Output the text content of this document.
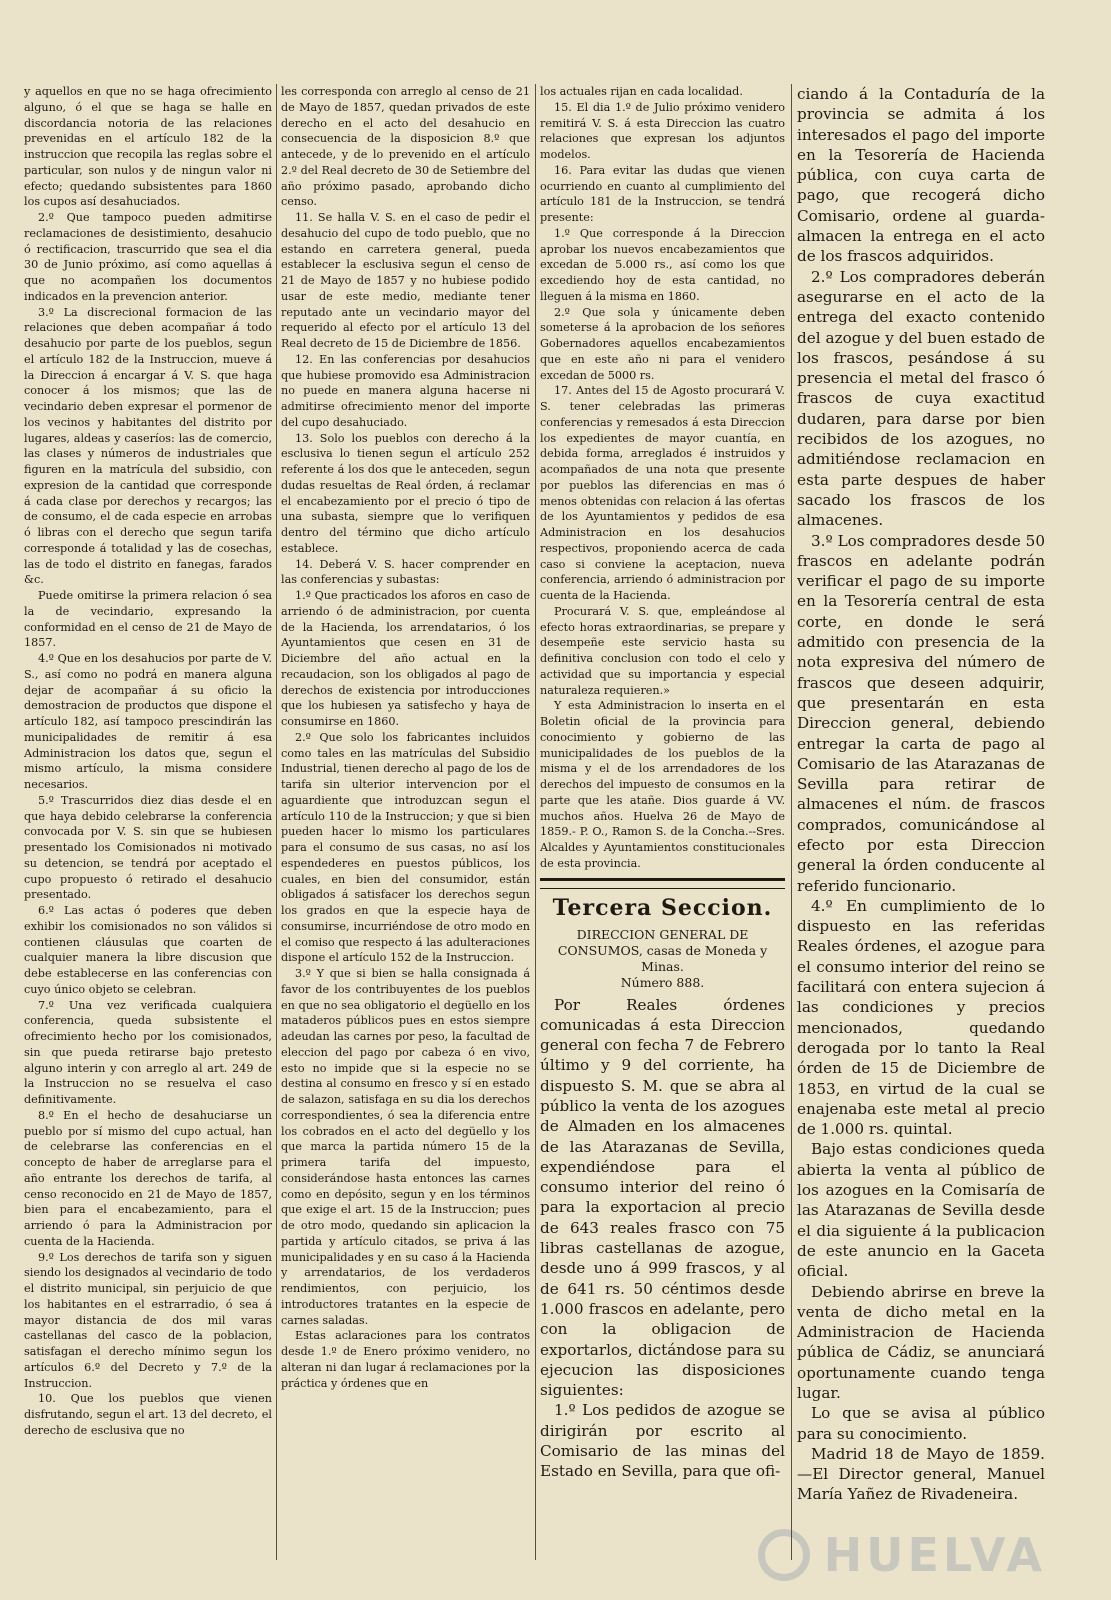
y aquellos en que no se haga ofrecimiento alguno, ó el que se haga se halle en discordancia notoria de las relaciones prevenidas en el artículo 182 de la instruccion que recopila las reglas sobre el particular, son nulos y de ningun valor ni efecto; quedando subsistentes para 1860 los cupos así desahuciados.

2.º Que tampoco pueden admitirse reclamaciones de desistimiento, desahucio ó rectificacion, trascurrido que sea el dia 30 de Junio próximo, así como aquellas á que no acompañen los documentos indicados en la prevencion anterior.

3.º La discrecional formacion de las relaciones que deben acompañar á todo desahucio por parte de los pueblos, segun el artículo 182 de la Instruccion, mueve á la Direccion á encargar á V. S. que haga conocer á los mismos; que las de vecindario deben expresar el pormenor de los vecinos y habitantes del distrito por lugares, aldeas y caseríos: las de comercio, las clases y números de industriales que figuren en la matrícula del subsidio, con expresion de la cantidad que corresponde á cada clase por derechos y recargos; las de consumo, el de cada especie en arrobas ó libras con el derecho que segun tarifa corresponde á totalidad y las de cosechas, las de todo el distrito en fanegas, farados &c.

Puede omitirse la primera relacion ó sea la de vecindario, expresando la conformidad en el censo de 21 de Mayo de 1857.

4.º Que en los desahucios por parte de V. S., así como no podrá en manera alguna dejar de acompañar á su oficio la demostracion de productos que dispone el artículo 182, así tampoco prescindirán las municipalidades de remitir á esa Administracion los datos que, segun el mismo artículo, la misma considere necesarios.

5.º Trascurridos diez dias desde el en que haya debido celebrarse la conferencia convocada por V. S. sin que se hubiesen presentado los Comisionados ni motivado su detencion, se tendrá por aceptado el cupo propuesto ó retirado el desahucio presentado.

6.º Las actas ó poderes que deben exhibir los comisionados no son válidos si contienen cláusulas que coarten de cualquier manera la libre discusion que debe establecerse en las conferencias con cuyo único objeto se celebran.

7.º Una vez verificada cualquiera conferencia, queda subsistente el ofrecimiento hecho por los comisionados, sin que pueda retirarse bajo pretesto alguno interin y con arreglo al art. 249 de la Instruccion no se resuelva el caso definitivamente.

8.º En el hecho de desahuciarse un pueblo por sí mismo del cupo actual, han de celebrarse las conferencias en el concepto de haber de arreglarse para el año entrante los derechos de tarifa, al censo reconocido en 21 de Mayo de 1857, bien para el encabezamiento, para el arriendo ó para la Administracion por cuenta de la Hacienda.

9.º Los derechos de tarifa son y siguen siendo los designados al vecindario de todo el distrito municipal, sin perjuicio de que los habitantes en el estrarradio, ó sea á mayor distancia de dos mil varas castellanas del casco de la poblacion, satisfagan el derecho mínimo segun los artículos 6.º del Decreto y 7.º de la Instruccion.

10. Que los pueblos que vienen disfrutando, segun el art. 13 del decreto, el derecho de esclusiva que no

les corresponda con arreglo al censo de 21 de Mayo de 1857, quedan privados de este derecho en el acto del desahucio en consecuencia de la disposicion 8.º que antecede, y de lo prevenido en el artículo 2.º del Real decreto de 30 de Setiembre del año próximo pasado, aprobando dicho censo.

11. Se halla V. S. en el caso de pedir el desahucio del cupo de todo pueblo, que no estando en carretera general, pueda establecer la esclusiva segun el censo de 21 de Mayo de 1857 y no hubiese podido usar de este medio, mediante tener reputado ante un vecindario mayor del requerido al efecto por el artículo 13 del Real decreto de 15 de Diciembre de 1856.

12. En las conferencias por desahucios que hubiese promovido esa Administracion no puede en manera alguna hacerse ni admitirse ofrecimiento menor del importe del cupo desahuciado.

13. Solo los pueblos con derecho á la esclusiva lo tienen segun el artículo 252 referente á los dos que le anteceden, segun dudas resueltas de Real órden, á reclamar el encabezamiento por el precio ó tipo de una subasta, siempre que lo verifiquen dentro del término que dicho artículo establece.

14. Deberá V. S. hacer comprender en las conferencias y subastas:

1.º Que practicados los aforos en caso de arriendo ó de administracion, por cuenta de la Hacienda, los arrendatarios, ó los Ayuntamientos que cesen en 31 de Diciembre del año actual en la recaudacion, son los obligados al pago de derechos de existencia por introducciones que los hubiesen ya satisfecho y haya de consumirse en 1860.

2.º Que solo los fabricantes incluidos como tales en las matrículas del Subsidio Industrial, tienen derecho al pago de los de tarifa sin ulterior intervencion por el aguardiente que introduzcan segun el artículo 110 de la Instruccion; y que si bien pueden hacer lo mismo los particulares para el consumo de sus casas, no así los espendederes en puestos públicos, los cuales, en bien del consumidor, están obligados á satisfacer los derechos segun los grados en que la especie haya de consumirse, incurriéndose de otro modo en el comiso que respecto á las adulteraciones dispone el artículo 152 de la Instruccion.

3.º Y que si bien se halla consignada á favor de los contribuyentes de los pueblos en que no sea obligatorio el degüello en los mataderos públicos pues en estos siempre adeudan las carnes por peso, la facultad de eleccion del pago por cabeza ó en vivo, esto no impide que si la especie no se destina al consumo en fresco y sí en estado de salazon, satisfaga en su dia los derechos correspondientes, ó sea la diferencia entre los cobrados en el acto del degüello y los que marca la partida número 15 de la primera tarifa del impuesto, considerándose hasta entonces las carnes como en depósito, segun y en los términos que exige el art. 15 de la Instruccion; pues de otro modo, quedando sin aplicacion la partida y artículo citados, se priva á las municipalidades y en su caso á la Hacienda y arrendatarios, de los verdaderos rendimientos, con perjuicio, los introductores tratantes en la especie de carnes saladas.

Estas aclaraciones para los contratos desde 1.º de Enero próximo venidero, no alteran ni dan lugar á reclamaciones por la práctica y órdenes que en

los actuales rijan en cada localidad.

15. El dia 1.º de Julio próximo venidero remitirá V. S. á esta Direccion las cuatro relaciones que expresan los adjuntos modelos.

16. Para evitar las dudas que vienen ocurriendo en cuanto al cumplimiento del artículo 181 de la Instruccion, se tendrá presente:

1.º Que corresponde á la Direccion aprobar los nuevos encabezamientos que excedan de 5.000 rs., así como los que excediendo hoy de esta cantidad, no lleguen á la misma en 1860.

2.º Que sola y únicamente deben someterse á la aprobacion de los señores Gobernadores aquellos encabezamientos que en este año ni para el venidero excedan de 5000 rs.

17. Antes del 15 de Agosto procurará V. S. tener celebradas las primeras conferencias y remesados á esta Direccion los expedientes de mayor cuantía, en debida forma, arreglados é instruidos y acompañados de una nota que presente por pueblos las diferencias en mas ó menos obtenidas con relacion á las ofertas de los Ayuntamientos y pedidos de esa Administracion en los desahucios respectivos, proponiendo acerca de cada caso si conviene la aceptacion, nueva conferencia, arriendo ó administracion por cuenta de la Hacienda.

Procurará V. S. que, empleándose al efecto horas extraordinarias, se prepare y desempeñe este servicio hasta su definitiva conclusion con todo el celo y actividad que su importancia y especial naturaleza requieren.»

Y esta Administracion lo inserta en el Boletin oficial de la provincia para conocimiento y gobierno de las municipalidades de los pueblos de la misma y el de los arrendadores de los derechos del impuesto de consumos en la parte que les atañe. Dios guarde á VV. muchos años. Huelva 26 de Mayo de 1859.- P. O., Ramon S. de la Concha.--Sres. Alcaldes y Ayuntamientos constitucionales de esta provincia.

Tercera Seccion.

DIRECCION GENERAL DE CONSUMOS, casas de Moneda y Minas.

Número 888.

Por Reales órdenes comunicadas á esta Direccion general con fecha 7 de Febrero último y 9 del corriente, ha dispuesto S. M. que se abra al público la venta de los azogues de Almaden en los almacenes de las Atarazanas de Sevilla, expendiéndose para el consumo interior del reino ó para la exportacion al precio de 643 reales frasco con 75 libras castellanas de azogue, desde uno á 999 frascos, y al de 641 rs. 50 céntimos desde 1.000 frascos en adelante, pero con la obligacion de exportarlos, dictándose para su ejecucion las disposiciones siguientes:

1.º Los pedidos de azogue se dirigirán por escrito al Comisario de las minas del Estado en Sevilla, para que ofi-

ciando á la Contaduría de la provincia se admita á los interesados el pago del importe en la Tesorería de Hacienda pública, con cuya carta de pago, que recogerá dicho Comisario, ordene al guarda-almacen la entrega en el acto de los frascos adquiridos.

2.º Los compradores deberán asegurarse en el acto de la entrega del exacto contenido del azogue y del buen estado de los frascos, pesándose á su presencia el metal del frasco ó frascos de cuya exactitud dudaren, para darse por bien recibidos de los azogues, no admitiéndose reclamacion en esta parte despues de haber sacado los frascos de los almacenes.

3.º Los compradores desde 50 frascos en adelante podrán verificar el pago de su importe en la Tesorería central de esta corte, en donde le será admitido con presencia de la nota expresiva del número de frascos que deseen adquirir, que presentarán en esta Direccion general, debiendo entregar la carta de pago al Comisario de las Atarazanas de Sevilla para retirar de almacenes el núm. de frascos comprados, comunicándose al efecto por esta Direccion general la órden conducente al referido funcionario.

4.º En cumplimiento de lo dispuesto en las referidas Reales órdenes, el azogue para el consumo interior del reino se facilitará con entera sujecion á las condiciones y precios mencionados, quedando derogada por lo tanto la Real órden de 15 de Diciembre de 1853, en virtud de la cual se enajenaba este metal al precio de 1.000 rs. quintal.

Bajo estas condiciones queda abierta la venta al público de los azogues en la Comisaría de las Atarazanas de Sevilla desde el dia siguiente á la publicacion de este anuncio en la Gaceta oficial.

Debiendo abrirse en breve la venta de dicho metal en la Administracion de Hacienda pública de Cádiz, se anunciará oportunamente cuando tenga lugar.

Lo que se avisa al público para su conocimiento.

Madrid 18 de Mayo de 1859.—El Director general, Manuel María Yañez de Rivadeneira.

HUELVA
